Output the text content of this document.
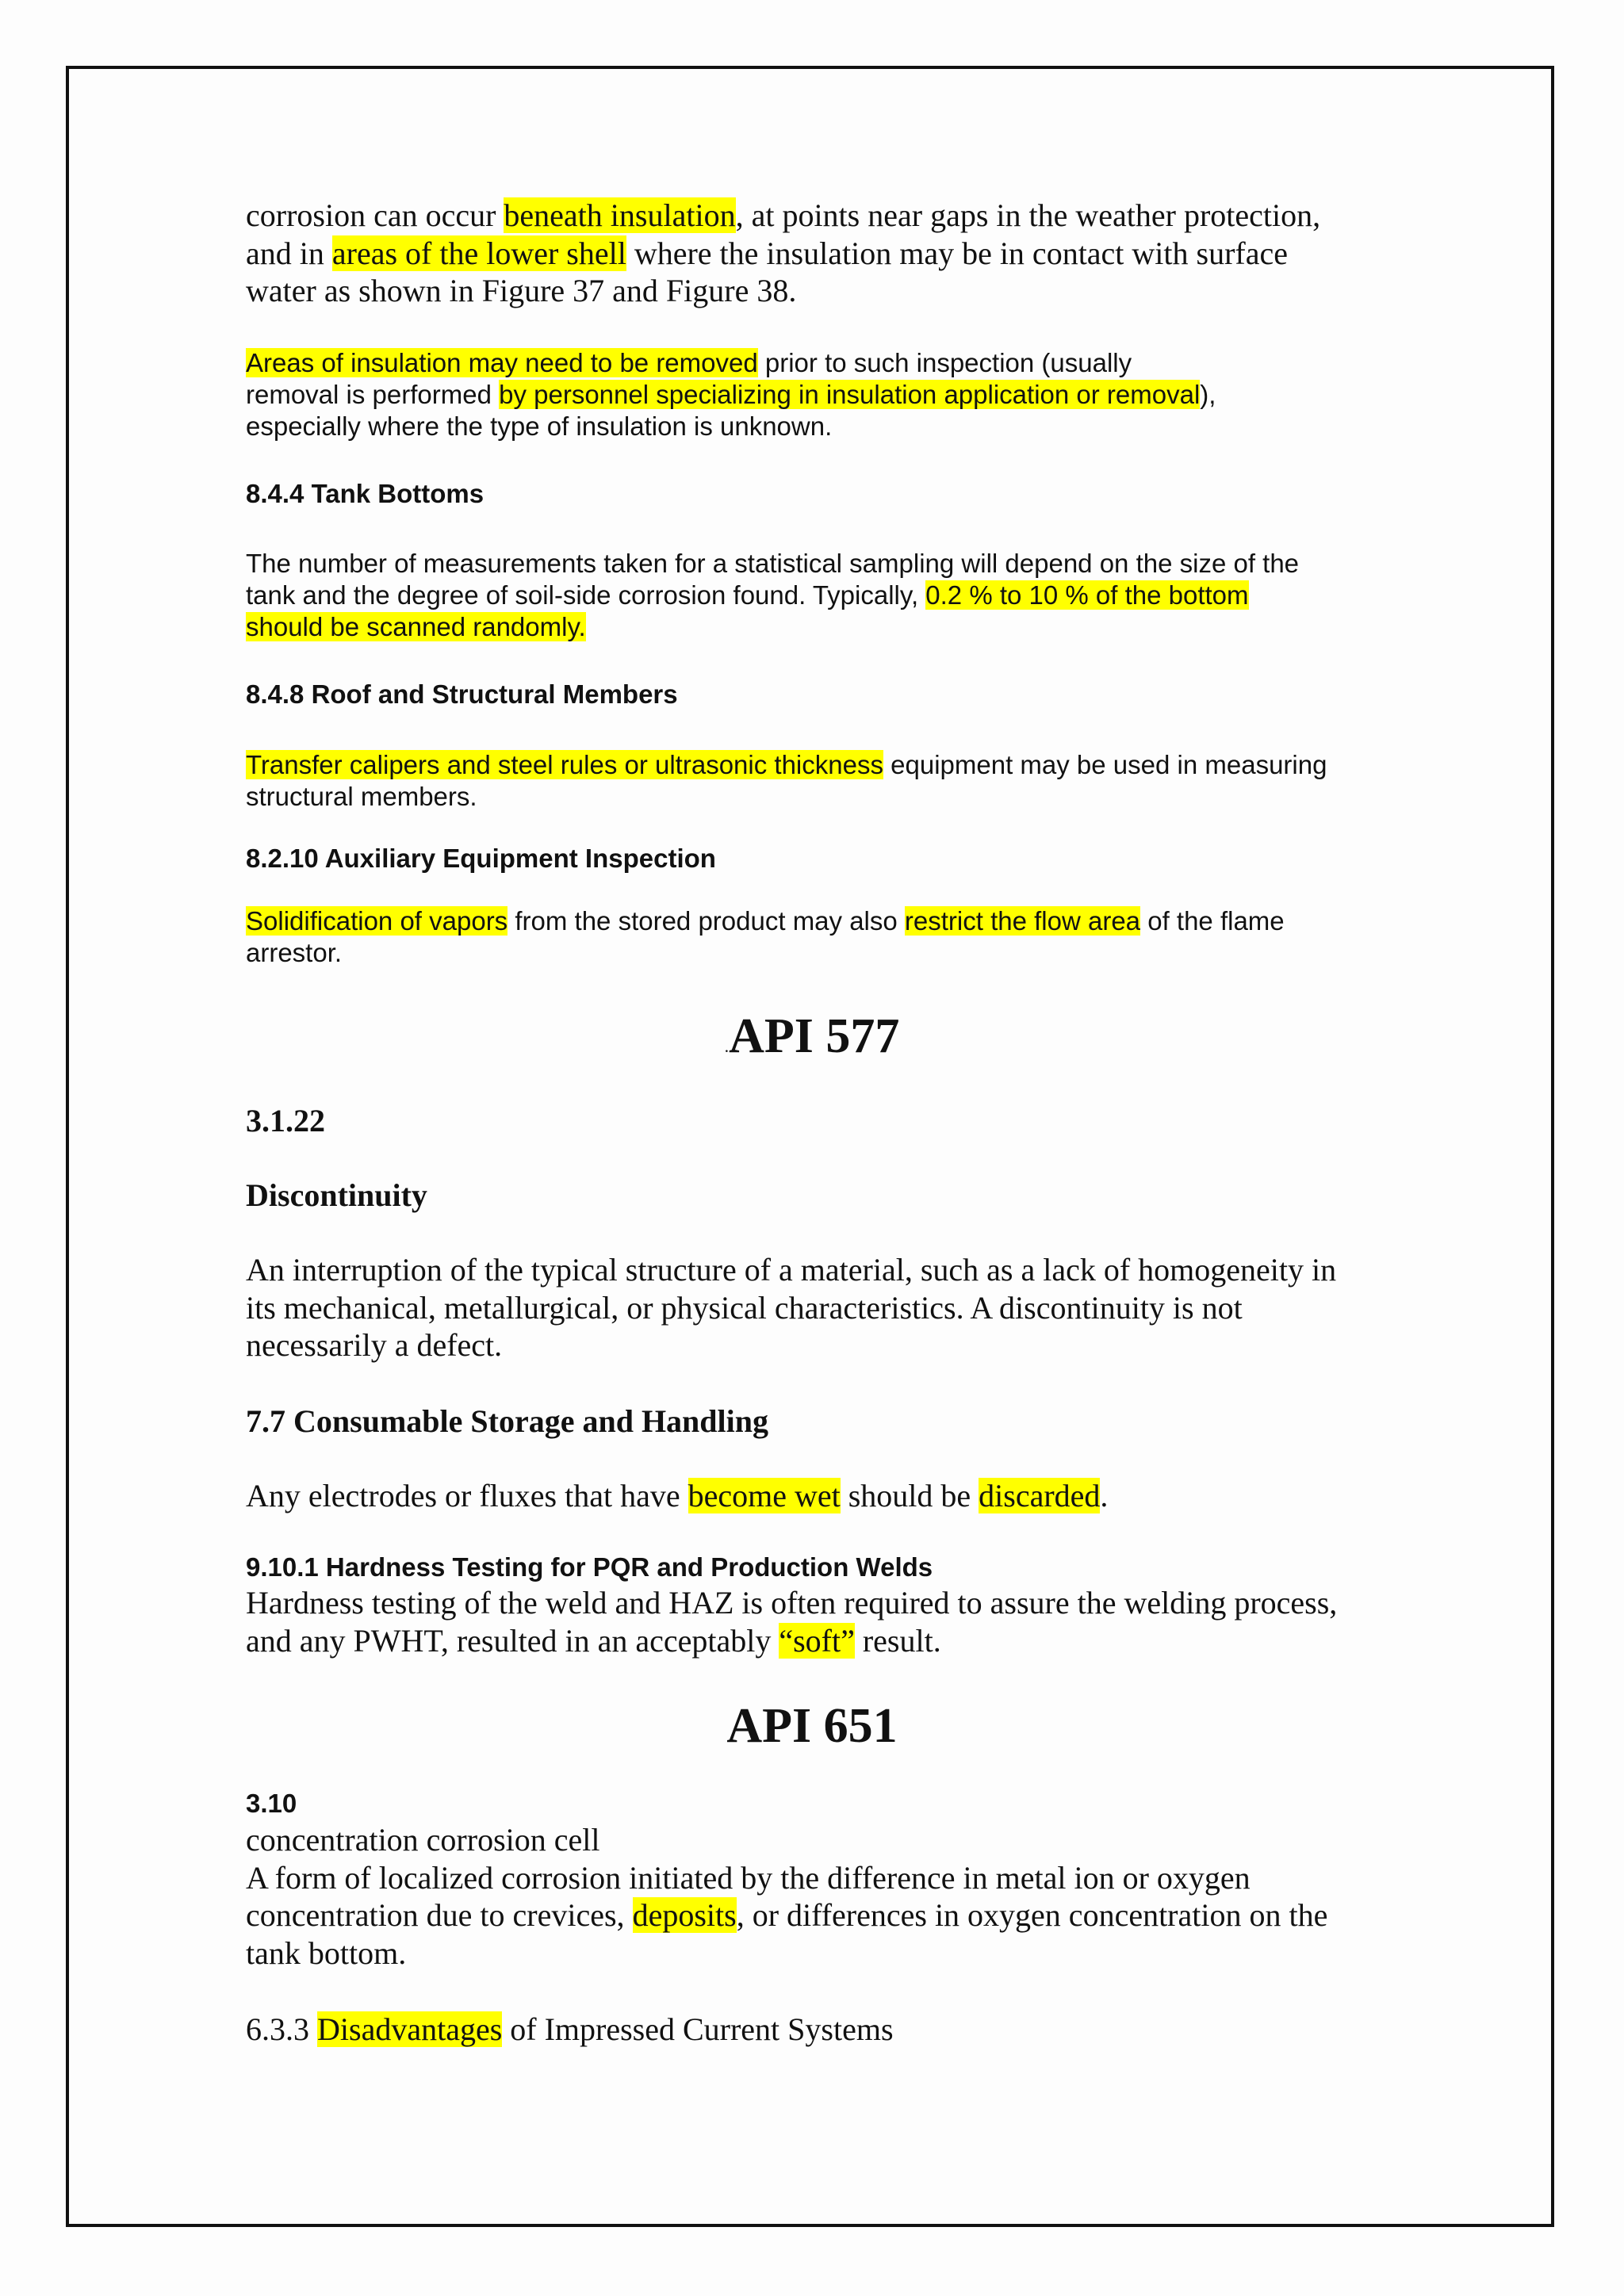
corrosion can occur beneath insulation, at points near gaps in the weather protection,
and in areas of the lower shell where the insulation may be in contact with surface
water as shown in Figure 37 and Figure 38.
Areas of insulation may need to be removed prior to such inspection (usually
removal is performed by personnel specializing in insulation application or removal),
especially where the type of insulation is unknown.
8.4.4 Tank Bottoms
The number of measurements taken for a statistical sampling will depend on the size of the
tank and the degree of soil-side corrosion found. Typically, 0.2 % to 10 % of the bottom
should be scanned randomly.
8.4.8 Roof and Structural Members
Transfer calipers and steel rules or ultrasonic thickness equipment may be used in measuring
structural members.
8.2.10 Auxiliary Equipment Inspection
Solidification of vapors from the stored product may also restrict the flow area of the flame
arrestor.
.API 577
3.1.22
Discontinuity
An interruption of the typical structure of a material, such as a lack of homogeneity in
its mechanical, metallurgical, or physical characteristics. A discontinuity is not
necessarily a defect.
7.7 Consumable Storage and Handling
Any electrodes or fluxes that have become wet should be discarded.
9.10.1 Hardness Testing for PQR and Production Welds
Hardness testing of the weld and HAZ is often required to assure the welding process,
and any PWHT, resulted in an acceptably “soft” result.
API 651
3.10
concentration corrosion cell
A form of localized corrosion initiated by the difference in metal ion or oxygen
concentration due to crevices, deposits, or differences in oxygen concentration on the
tank bottom.
6.3.3 Disadvantages of Impressed Current Systems
